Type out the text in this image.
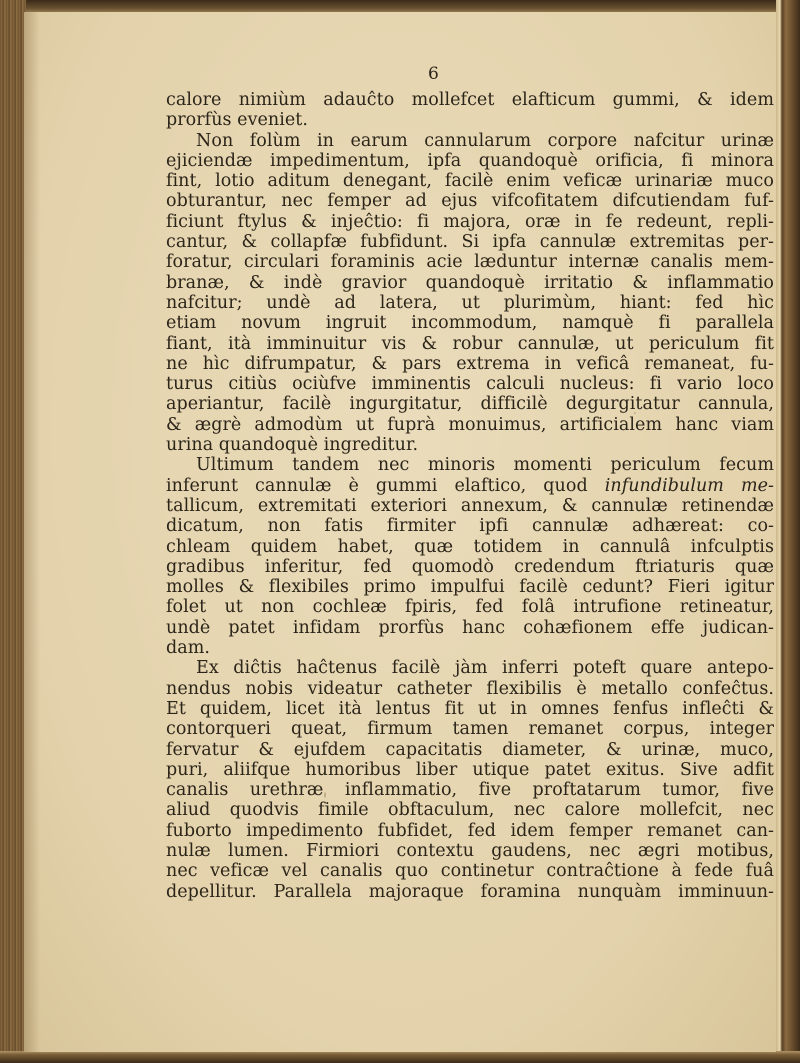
6

calore nimiùm adauĉto mollefcet elafticum gummi, & idem
prorfùs eveniet.
Non folùm in earum cannularum corpore nafcitur urinæ
ejiciendæ impedimentum, ipfa quandoquè orificia, fi minora
fint, lotio aditum denegant, facilè enim veficæ urinariæ muco
obturantur, nec femper ad ejus vifcofitatem difcutiendam fuf-
ficiunt ftylus & injeĉtio: fi majora, oræ in fe redeunt, repli-
cantur, & collapfæ fubfidunt. Si ipfa cannulæ extremitas per-
foratur, circulari foraminis acie læduntur internæ canalis mem-
branæ, & indè gravior quandoquè irritatio & inflammatio
nafcitur; undè ad latera, ut plurimùm, hiant: fed hìc
etiam novum ingruit incommodum, namquè fi parallela
fiant, ità imminuitur vis & robur cannulæ, ut periculum fit
ne hìc difrumpatur, & pars extrema in veficâ remaneat, fu-
turus citiùs ociùfve imminentis calculi nucleus: fi vario loco
aperiantur, facilè ingurgitatur, difficilè degurgitatur cannula,
& ægrè admodùm ut fuprà monuimus, artificialem hanc viam
urina quandoquè ingreditur.
Ultimum tandem nec minoris momenti periculum fecum
inferunt cannulæ è gummi elaftico, quod infundibulum me-
tallicum, extremitati exteriori annexum, & cannulæ retinendæ
dicatum, non fatis firmiter ipfi cannulæ adhæreat: co-
chleam quidem habet, quæ totidem in cannulâ infculptis
gradibus inferitur, fed quomodò credendum ftriaturis quæ
molles & flexibiles primo impulfui facilè cedunt? Fieri igitur
folet ut non cochleæ fpiris, fed folâ intrufione retineatur,
undè patet infidam prorfùs hanc cohæfionem effe judican-
dam.
Ex diĉtis haĉtenus facilè jàm inferri poteft quare antepo-
nendus nobis videatur catheter flexibilis è metallo confeĉtus.
Et quidem, licet ità lentus fit ut in omnes fenfus infleĉti &
contorqueri queat, firmum tamen remanet corpus, integer
fervatur & ejufdem capacitatis diameter, & urinæ, muco,
puri, aliifque humoribus liber utique patet exitus. Sive adfit
canalis urethræ inflammatio, five proftatarum tumor, five
aliud quodvis fimile obftaculum, nec calore mollefcit, nec
fuborto impedimento fubfidet, fed idem femper remanet can-
nulæ lumen. Firmiori contextu gaudens, nec ægri motibus,
nec veficæ vel canalis quo continetur contraĉtione à fede fuâ
depellitur. Parallela majoraque foramina nunquàm imminuun-
